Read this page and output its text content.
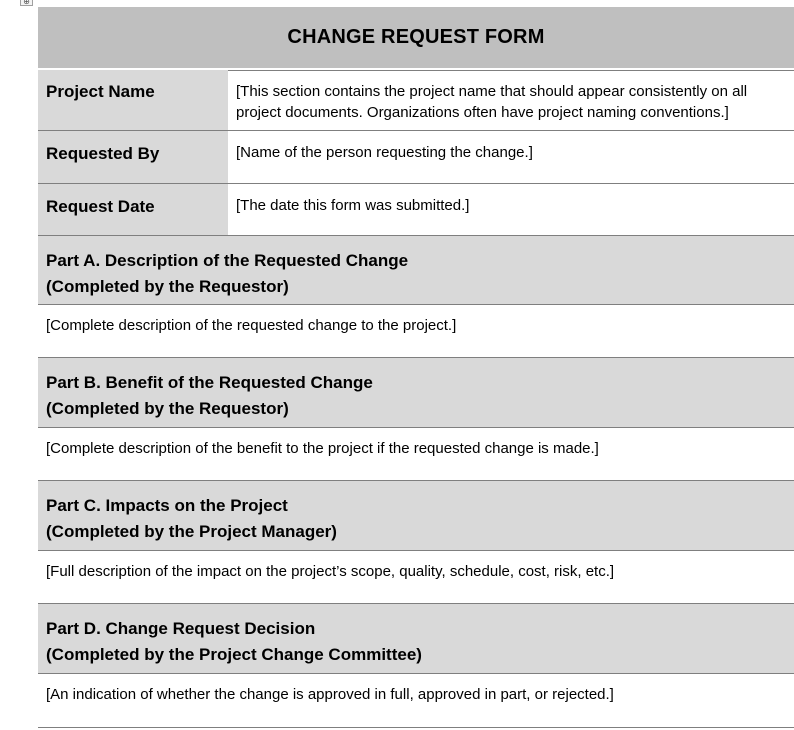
⊕
CHANGE REQUEST FORM
Project Name	[This section contains the project name that should appear consistently on all project documents. Organizations often have project naming conventions.]
Requested By	[Name of the person requesting the change.]
Request Date	[The date this form was submitted.]
Part A. Description of the Requested Change
(Completed by the Requestor)
[Complete description of the requested change to the project.]
Part B. Benefit of the Requested Change
(Completed by the Requestor)
[Complete description of the benefit to the project if the requested change is made.]
Part C. Impacts on the Project
(Completed by the Project Manager)
[Full description of the impact on the project’s scope, quality, schedule, cost, risk, etc.]
Part D. Change Request Decision
(Completed by the Project Change Committee)
[An indication of whether the change is approved in full, approved in part, or rejected.]
